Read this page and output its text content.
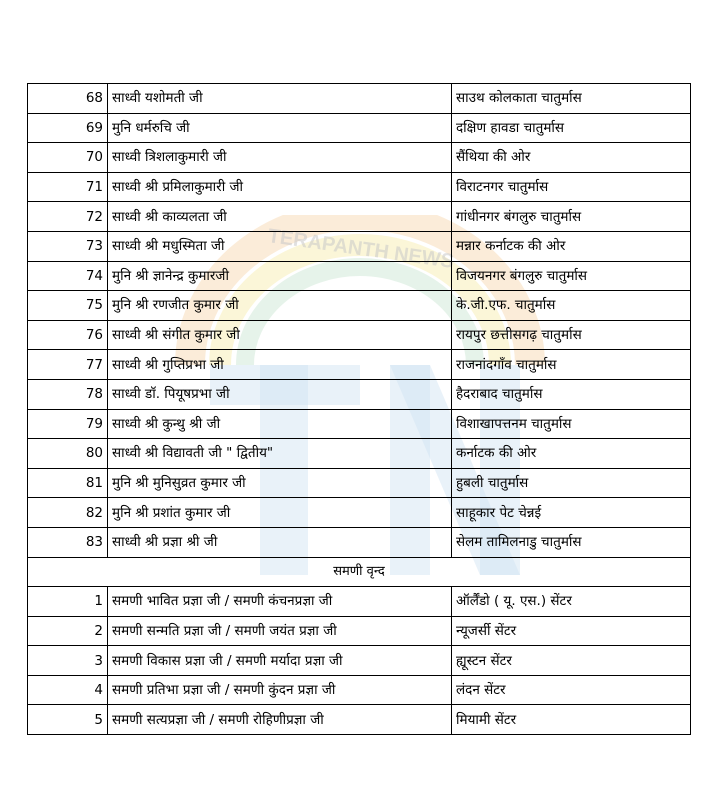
TERAPANTH NEWS
68	साध्वी यशोमती जी	साउथ कोलकाता चातुर्मास
69	मुनि धर्मरुचि जी	दक्षिण हावडा चातुर्मास
70	साध्वी त्रिशलाकुमारी जी	सैंथिया की ओर
71	साध्वी श्री प्रमिलाकुमारी जी	विराटनगर चातुर्मास
72	साध्वी श्री काव्यलता जी	गांधीनगर बंगलुरु चातुर्मास
73	साध्वी श्री मधुस्मिता जी	मन्नार कर्नाटक की ओर
74	मुनि श्री ज्ञानेन्द्र कुमारजी	विजयनगर बंगलुरु चातुर्मास
75	मुनि श्री रणजीत कुमार जी	के.जी.एफ. चातुर्मास
76	साध्वी श्री संगीत कुमार जी	रायपुर छत्तीसगढ़ चातुर्मास
77	साध्वी श्री गुप्तिप्रभा जी	राजनांदगाँव चातुर्मास
78	साध्वी डॉ. पियूषप्रभा जी	हैदराबाद चातुर्मास
79	साध्वी श्री कुन्थु श्री जी	विशाखापत्तनम चातुर्मास
80	साध्वी श्री विद्यावती जी " द्वितीय"	कर्नाटक की ओर
81	मुनि श्री मुनिसुव्रत कुमार जी	हुबली चातुर्मास
82	मुनि श्री प्रशांत कुमार जी	साहूकार पेट चेन्नई
83	साध्वी श्री प्रज्ञा श्री जी	सेलम तामिलनाडु चातुर्मास
समणी वृन्द		
1	समणी भावित प्रज्ञा जी / समणी कंचनप्रज्ञा जी	ऑर्लैंडो ( यू. एस.) सेंटर
2	समणी सन्मति प्रज्ञा जी / समणी जयंत प्रज्ञा जी	न्यूजर्सी सेंटर
3	समणी विकास प्रज्ञा जी / समणी मर्यादा प्रज्ञा जी	ह्यूस्टन सेंटर
4	समणी प्रतिभा प्रज्ञा जी / समणी कुंदन प्रज्ञा जी	लंदन सेंटर
5	समणी सत्यप्रज्ञा जी / समणी रोहिणीप्रज्ञा जी	मियामी सेंटर
